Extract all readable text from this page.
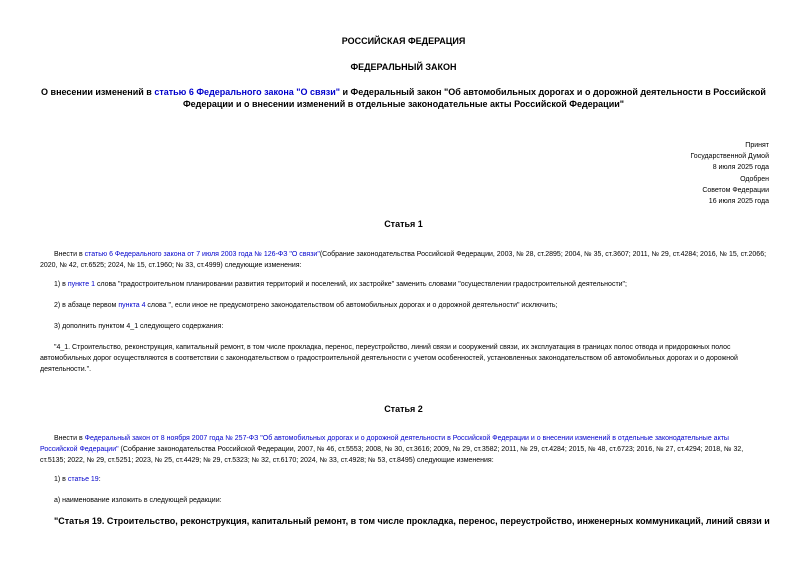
РОССИЙСКАЯ ФЕДЕРАЦИЯ
ФЕДЕРАЛЬНЫЙ ЗАКОН
О внесении изменений в статью 6 Федерального закона "О связи" и Федеральный закон "Об автомобильных дорогах и о дорожной деятельности в Российской Федерации и о внесении изменений в отдельные законодательные акты Российской Федерации"
Принят
Государственной Думой
8 июля 2025 года
Одобрен
Советом Федерации
16 июля 2025 года
Статья 1
Внести в статью 6 Федерального закона от 7 июля 2003 года № 126-ФЗ "О связи"(Собрание законодательства Российской Федерации, 2003, № 28, ст.2895; 2004, № 35, ст.3607; 2011, № 29, ст.4284; 2016, № 15, ст.2066; 2020, № 42, ст.6525; 2024, № 15, ст.1960; № 33, ст.4999) следующие изменения:
1) в пункте 1 слова "градостроительном планировании развития территорий и поселений, их застройке" заменить словами "осуществлении градостроительной деятельности";
2) в абзаце первом пункта 4 слова ", если иное не предусмотрено законодательством об автомобильных дорогах и о дорожной деятельности" исключить;
3) дополнить пунктом 4_1 следующего содержания:
"4_1. Строительство, реконструкция, капитальный ремонт, в том числе прокладка, перенос, переустройство, линий связи и сооружений связи, их эксплуатация в границах полос отвода и придорожных полос автомобильных дорог осуществляются в соответствии с законодательством о градостроительной деятельности с учетом особенностей, установленных законодательством об автомобильных дорогах и о дорожной деятельности.".
Статья 2
Внести в Федеральный закон от 8 ноября 2007 года № 257-ФЗ "Об автомобильных дорогах и о дорожной деятельности в Российской Федерации и о внесении изменений в отдельные законодательные акты Российской Федерации" (Собрание законодательства Российской Федерации, 2007, № 46, ст.5553; 2008, № 30, ст.3616; 2009, № 29, ст.3582; 2011, № 29, ст.4284; 2015, № 48, ст.6723; 2016, № 27, ст.4294; 2018, № 32, ст.5135; 2022, № 29, ст.5251; 2023, № 25, ст.4429; № 29, ст.5323; № 32, ст.6170; 2024, № 33, ст.4928; № 53, ст.8495) следующие изменения:
1) в статье 19:
а) наименование изложить в следующей редакции:
"Статья 19. Строительство, реконструкция, капитальный ремонт, в том числе прокладка, перенос, переустройство, инженерных коммуникаций, линий связи и
